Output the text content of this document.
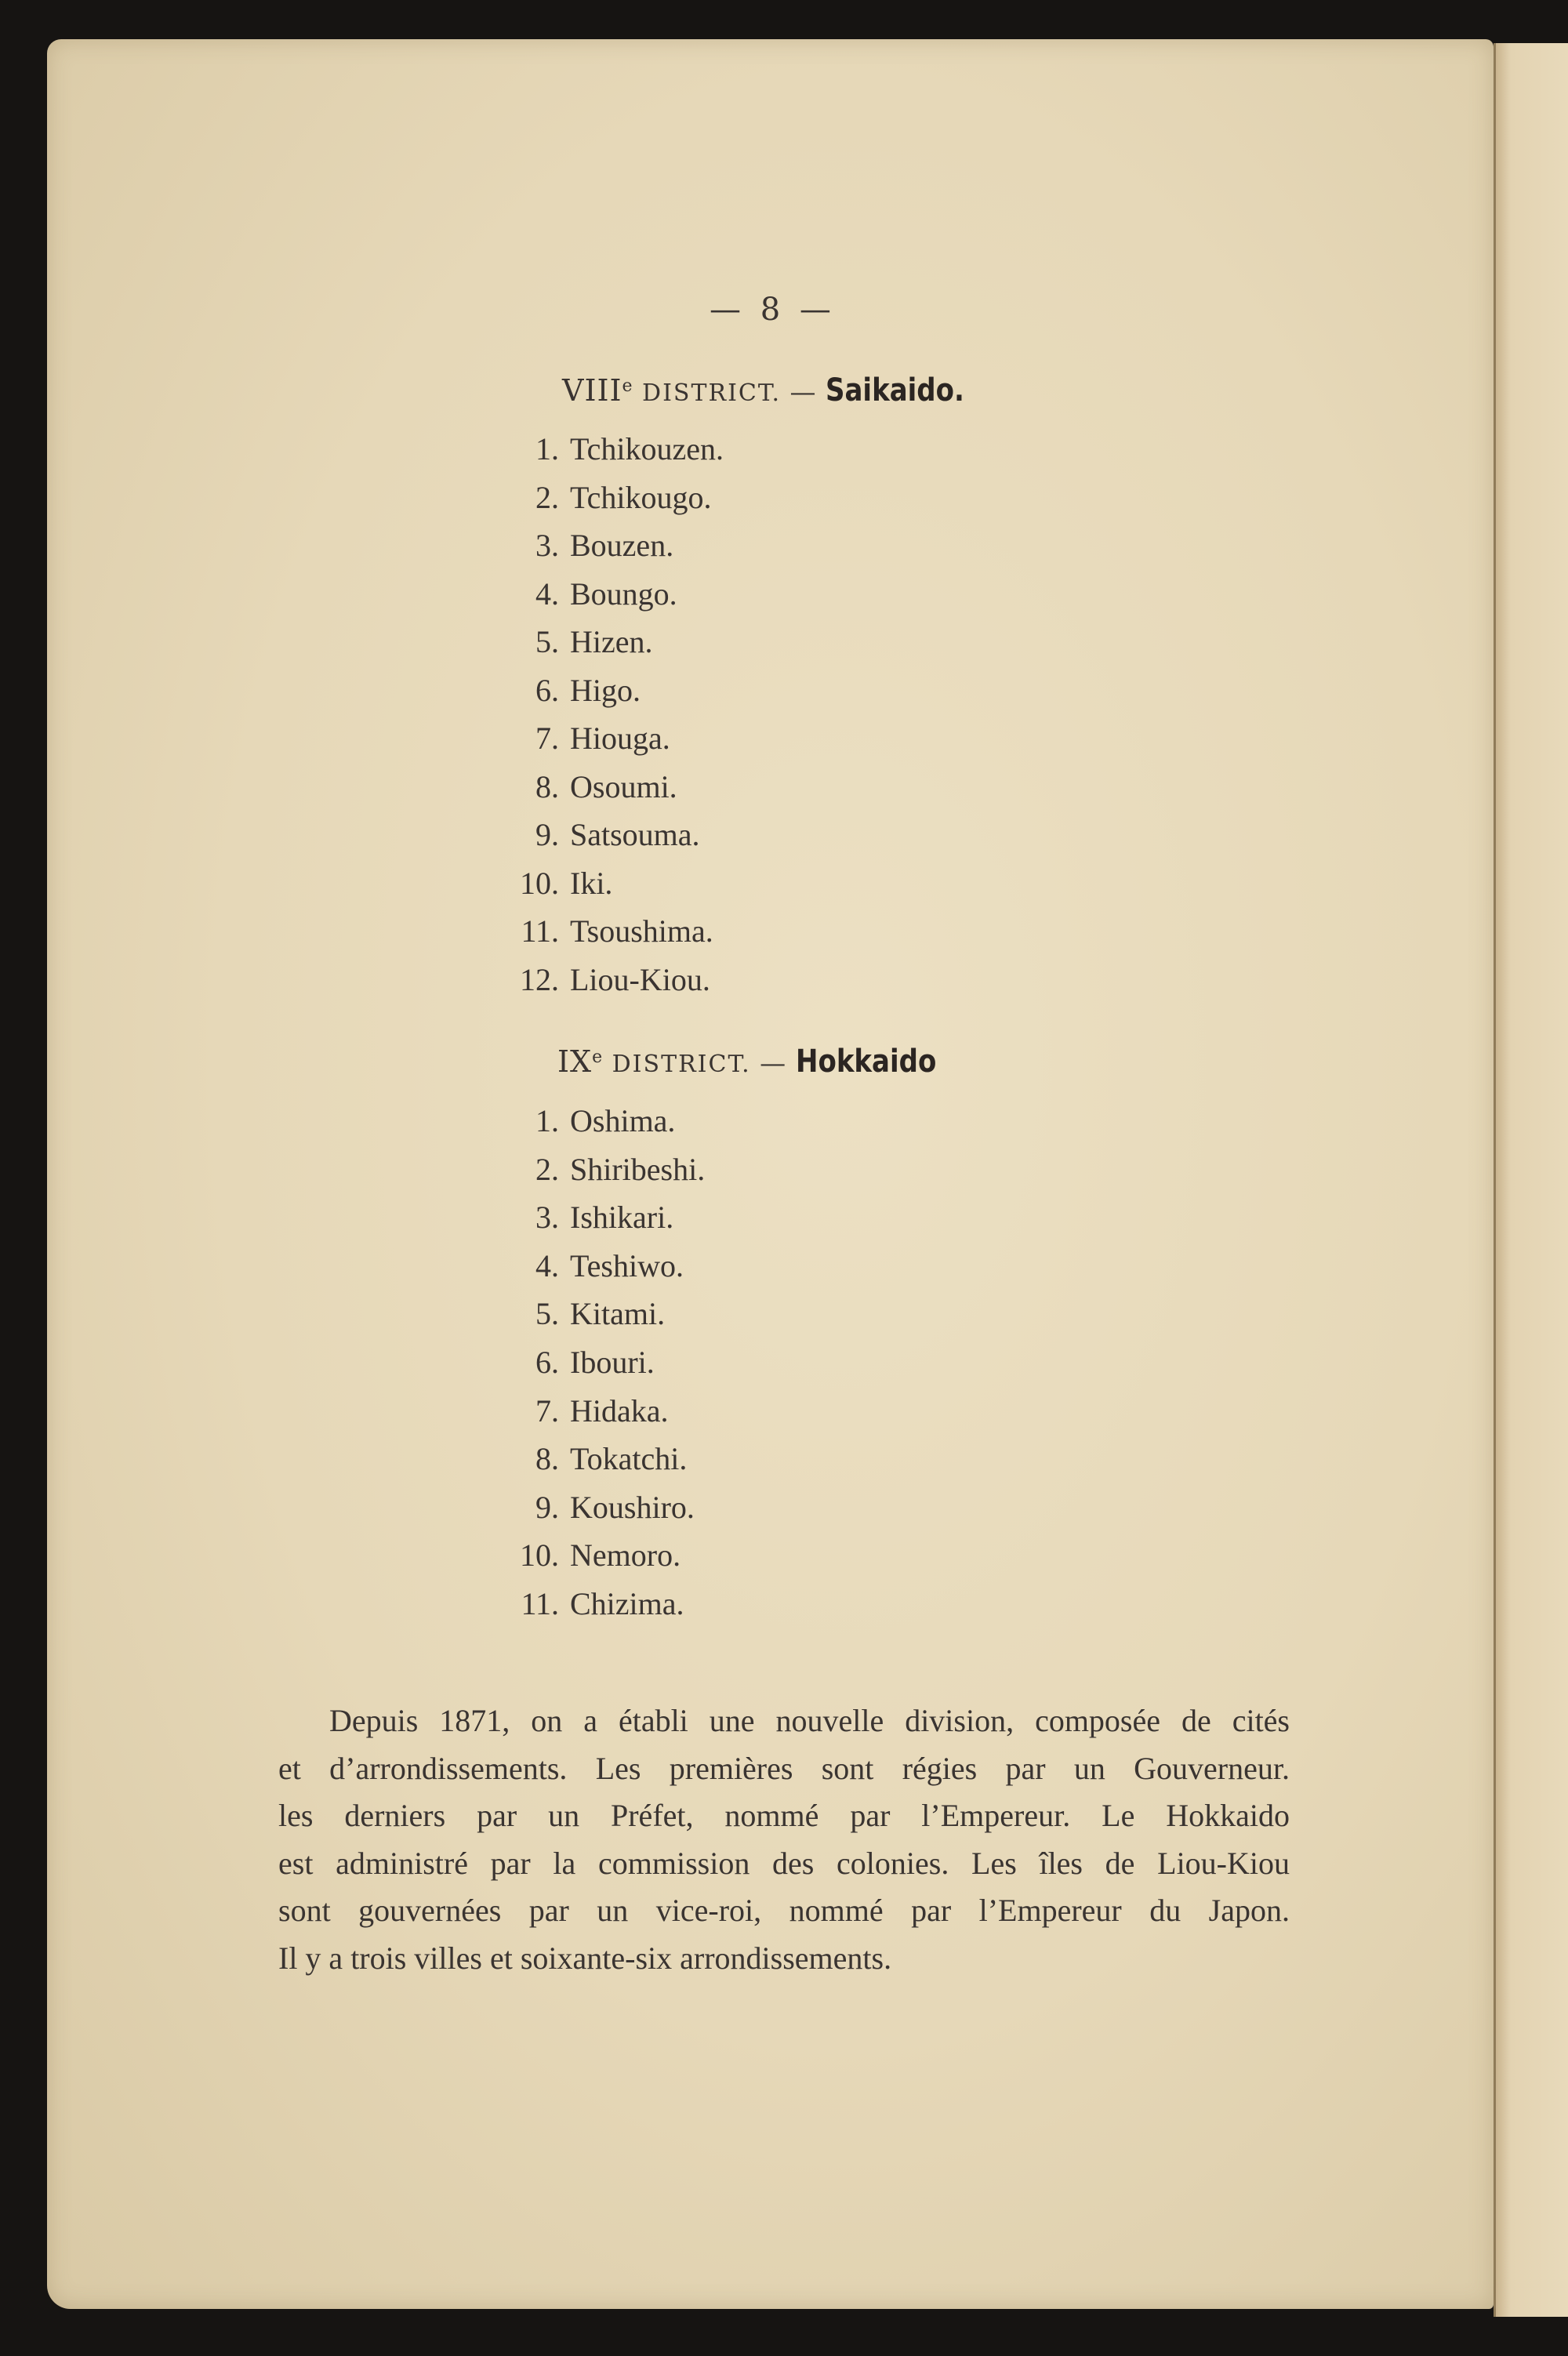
— 8 —
VIIIe DISTRICT. — Saikaido.
1. Tchikouzen.
2. Tchikougo.
3. Bouzen.
4. Boungo.
5. Hizen.
6. Higo.
7. Hiouga.
8. Osoumi.
9. Satsouma.
10. Iki.
11. Tsoushima.
12. Liou-Kiou.
IXe DISTRICT. — Hokkaido
1. Oshima.
2. Shiribeshi.
3. Ishikari.
4. Teshiwo.
5. Kitami.
6. Ibouri.
7. Hidaka.
8. Tokatchi.
9. Koushiro.
10. Nemoro.
11. Chizima.
Depuis 1871, on a établi une nouvelle division, composée de cités
et d’arrondissements. Les premières sont régies par un Gouverneur.
les derniers par un Préfet, nommé par l’Empereur. Le Hokkaido
est administré par la commission des colonies. Les îles de Liou-Kiou
sont gouvernées par un vice-roi, nommé par l’Empereur du Japon.
Il y a trois villes et soixante-six arrondissements.
